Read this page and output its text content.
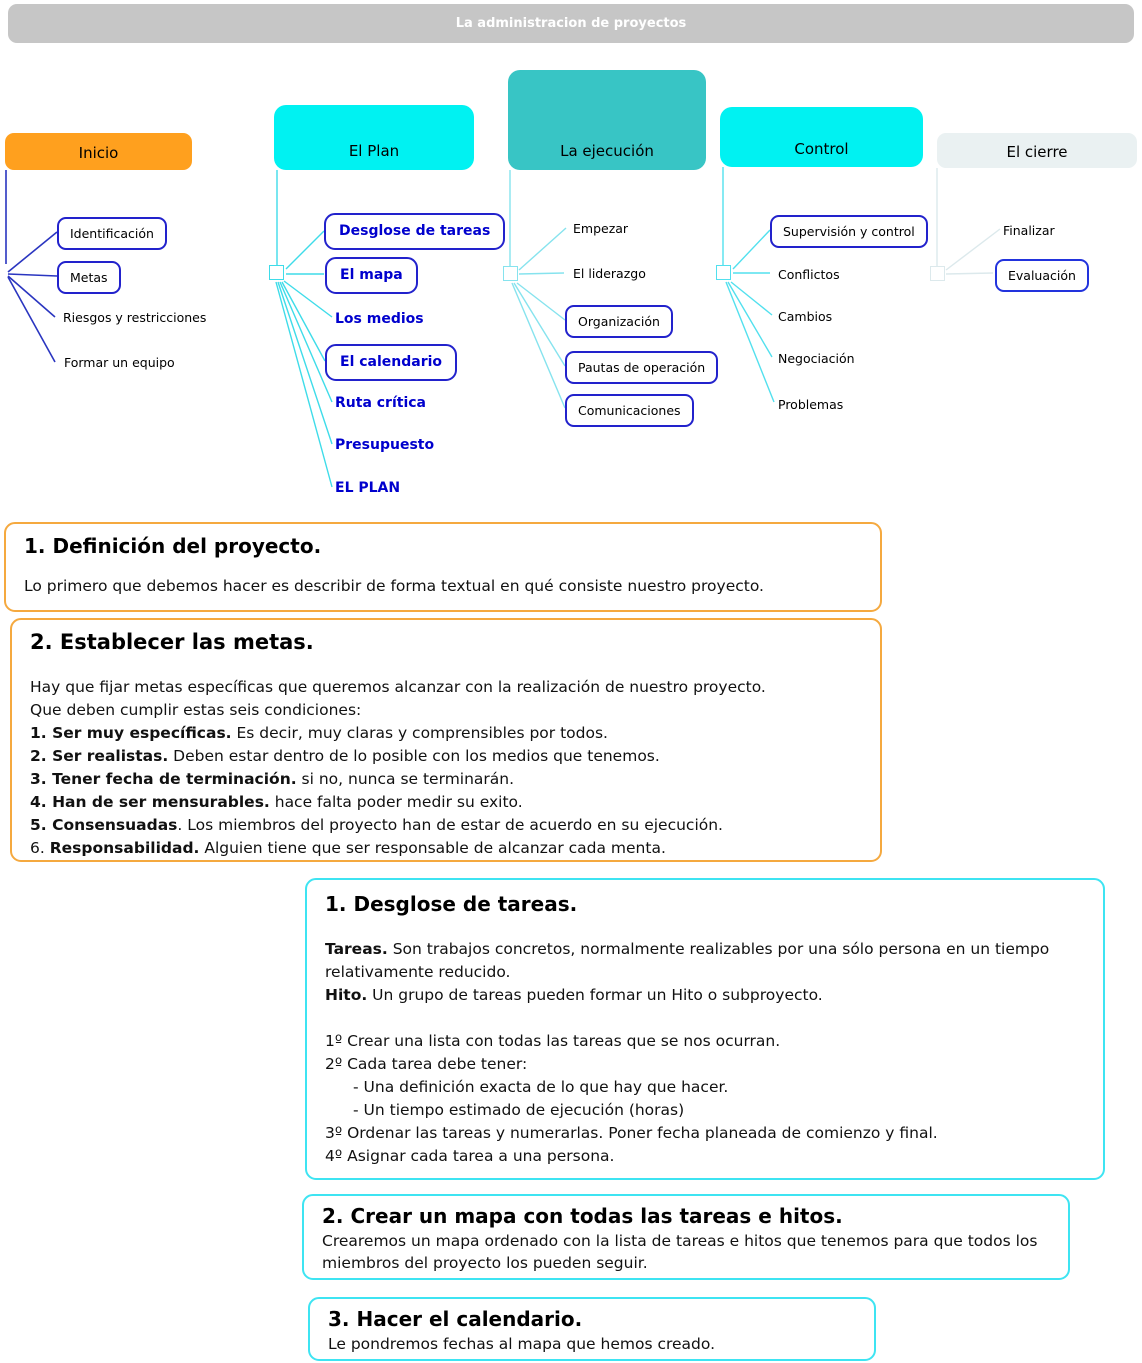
La administracion de proyectos
Inicio	El Plan	La ejecución	Control	El cierre
Identificación
Metas
Riesgos y restricciones
Formar un equipo
Desglose de tareas
El mapa
Los medios
El calendario
Ruta crítica
Presupuesto
EL PLAN
Empezar
El liderazgo
Organización
Pautas de operación
Comunicaciones
Supervisión y control
Conflictos
Cambios
Negociación
Problemas
Finalizar
Evaluación
1. Definición del proyecto.
Lo primero que debemos hacer es describir de forma textual en qué consiste nuestro proyecto.
2. Establecer las metas.
Hay que fijar metas específicas que queremos alcanzar con la realización de nuestro proyecto.
Que deben cumplir estas seis condiciones:
1. Ser muy específicas. Es decir, muy claras y comprensibles por todos.
2. Ser realistas. Deben estar dentro de lo posible con los medios que tenemos.
3. Tener fecha de terminación. si no, nunca se terminarán.
4. Han de ser mensurables. hace falta poder medir su exito.
5. Consensuadas. Los miembros del proyecto han de estar de acuerdo en su ejecución.
6. Responsabilidad. Alguien tiene que ser responsable de alcanzar cada menta.
1. Desglose de tareas.
Tareas. Son trabajos concretos, normalmente realizables por una sólo persona en un tiempo relativamente reducido.
Hito. Un grupo de tareas pueden formar un Hito o subproyecto.
1º Crear una lista con todas las tareas que se nos ocurran.
2º Cada tarea debe tener:
- Una definición exacta de lo que hay que hacer.
- Un tiempo estimado de ejecución (horas)
3º Ordenar las tareas y numerarlas. Poner fecha planeada de comienzo y final.
4º Asignar cada tarea a una persona.
2. Crear un mapa con todas las tareas e hitos.
Crearemos un mapa ordenado con la lista de tareas e hitos que tenemos para que todos los miembros del proyecto los pueden seguir.
3. Hacer el calendario.
Le pondremos fechas al mapa que hemos creado.
